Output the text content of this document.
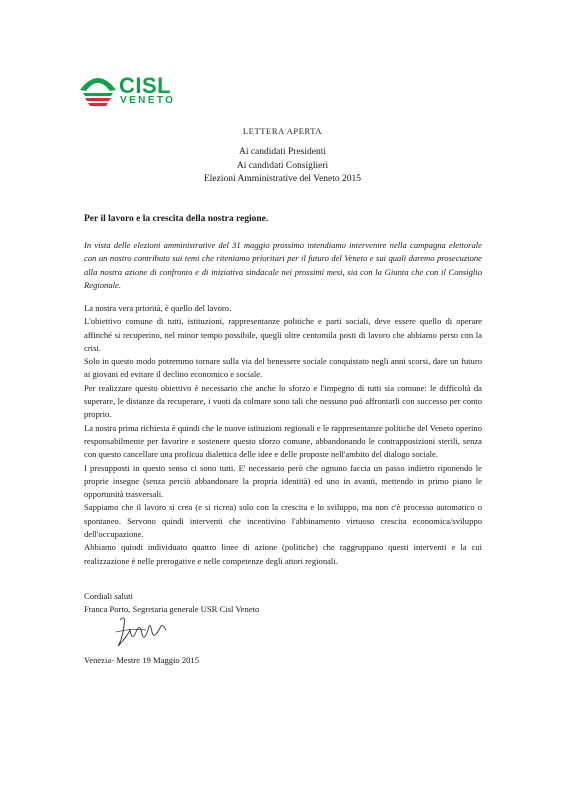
CISL
VENETO
LETTERA APERTA
Ai candidati Presidenti
Ai candidati Consiglieri
Elezioni Amministrative del Veneto 2015
Per il lavoro e la crescita della nostra regione.

In vista delle elezioni amministrative del 31 maggio prossimo intendiamo intervenire nella campagna elettorale con un nostro contributo sui temi che riteniamo prioritari per il futuro del Veneto e sui quali daremo prosecuzione alla nostra azione di confronto e di iniziativa sindacale nei prossimi mesi, sia con la Giunta che con il Consiglio Regionale.

La nostra vera priorità, è quello del lavoro.

L'obiettivo comune di tutti, istituzioni, rappresentanze politiche e parti sociali, deve essere quello di operare affinché si recuperino, nel minor tempo possibile, quegli oltre centomila posti di lavoro che abbiamo perso con la crisi.

Solo in questo modo potremmo tornare sulla via del benessere sociale conquistato negli anni scorsi, dare un futuro ai giovani ed evitare il declino economico e sociale.

Per realizzare questo obiettivo è necessario che anche lo sforzo e l'impegno di tutti sia comune: le difficoltà da superare, le distanze da recuperare, i vuoti da colmare sono tali che nessuno può affrontarli con successo per conto proprio.

La nostra prima richiesta è quindi che le nuove istituzioni regionali e le rappresentanze politiche del Veneto operino responsabilmente per favorire e sostenere questo sforzo comune, abbandonando le contrapposizioni sterili, senza con questo cancellare una proficua dialettica delle idee e delle proposte nell'ambito del dialogo sociale.

I presupposti in questo senso ci sono tutti. E' necessario però che ognuno faccia un passo indietro riponendo le proprie insegne (senza perciò abbandonare la propria identità) ed uno in avanti, mettendo in primo piano le opportunità trasversali.

Sappiamo che il lavoro si crea (e si ricrea) solo con la crescita e lo sviluppo, ma non c'è processo automatico o spontaneo. Servono quindi interventi che incentivino l'abbinamento virtuoso crescita economica/sviluppo dell'occupazione.

Abbiamo quindi individuato quattro linee di azione (politiche) che raggruppano questi interventi e la cui realizzazione è nelle prerogative e nelle competenze degli attori regionali.

Cordiali saluti
Franca Porto, Segretaria generale USR Cisl Veneto
Venezia- Mestre 19 Maggio 2015
